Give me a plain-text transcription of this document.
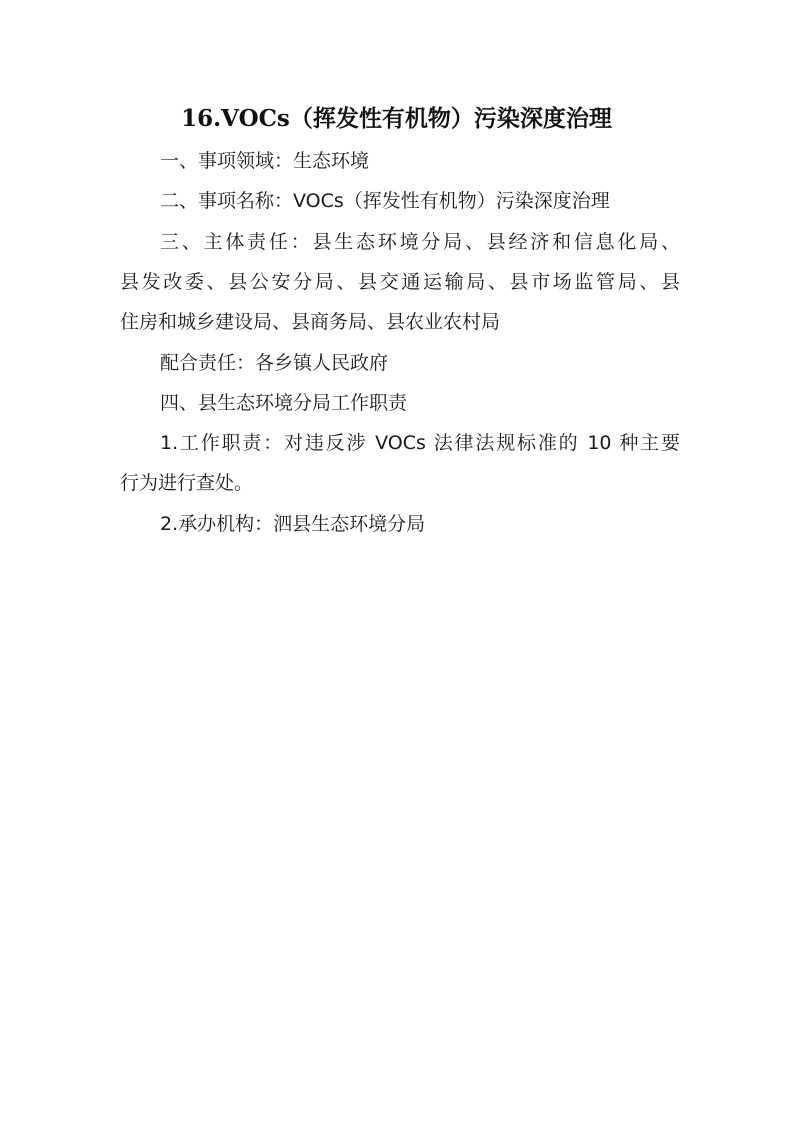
16.VOCs（挥发性有机物）污染深度治理
一、事项领域：生态环境
二、事项名称：VOCs（挥发性有机物）污染深度治理
三、主体责任：县生态环境分局、县经济和信息化局、
县发改委、县公安分局、县交通运输局、县市场监管局、县
住房和城乡建设局、县商务局、县农业农村局
配合责任：各乡镇人民政府
四、县生态环境分局工作职责
1.工作职责：对违反涉 VOCs 法律法规标准的 10 种主要
行为进行查处。
2.承办机构：泗县生态环境分局
